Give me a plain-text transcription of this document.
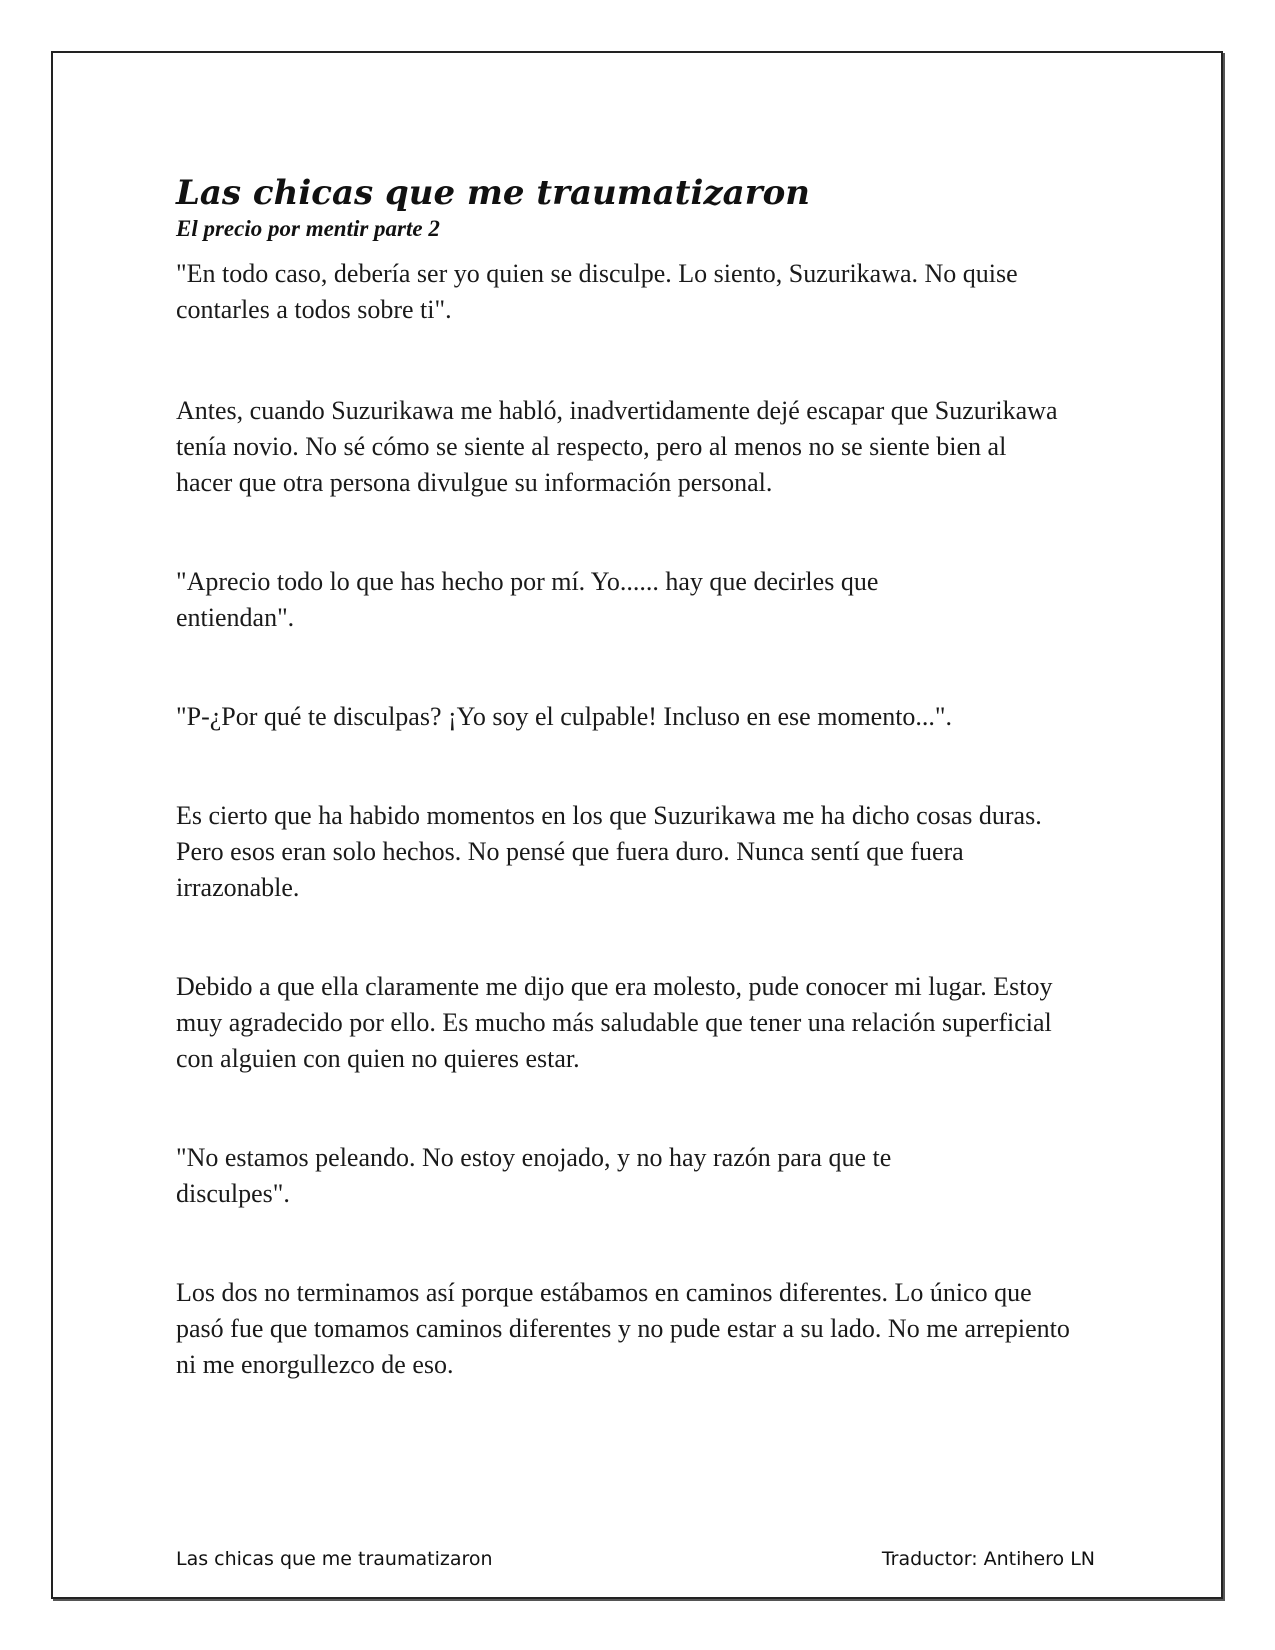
Las chicas que me traumatizaron
El precio por mentir parte 2

"En todo caso, debería ser yo quien se disculpe. Lo siento, Suzurikawa. No quise contarles a todos sobre ti".

Antes, cuando Suzurikawa me habló, inadvertidamente dejé escapar que Suzurikawa tenía novio. No sé cómo se siente al respecto, pero al menos no se siente bien al hacer que otra persona divulgue su información personal.

"Aprecio todo lo que has hecho por mí. Yo...... hay que decirles que entiendan".

"P-¿Por qué te disculpas? ¡Yo soy el culpable! Incluso en ese momento...".

Es cierto que ha habido momentos en los que Suzurikawa me ha dicho cosas duras. Pero esos eran solo hechos. No pensé que fuera duro. Nunca sentí que fuera irrazonable.

Debido a que ella claramente me dijo que era molesto, pude conocer mi lugar. Estoy muy agradecido por ello. Es mucho más saludable que tener una relación superficial con alguien con quien no quieres estar.

"No estamos peleando. No estoy enojado, y no hay razón para que te disculpes".

Los dos no terminamos así porque estábamos en caminos diferentes. Lo único que pasó fue que tomamos caminos diferentes y no pude estar a su lado. No me arrepiento ni me enorgullezco de eso.

Las chicas que me traumatizaron	Traductor: Antihero LN
